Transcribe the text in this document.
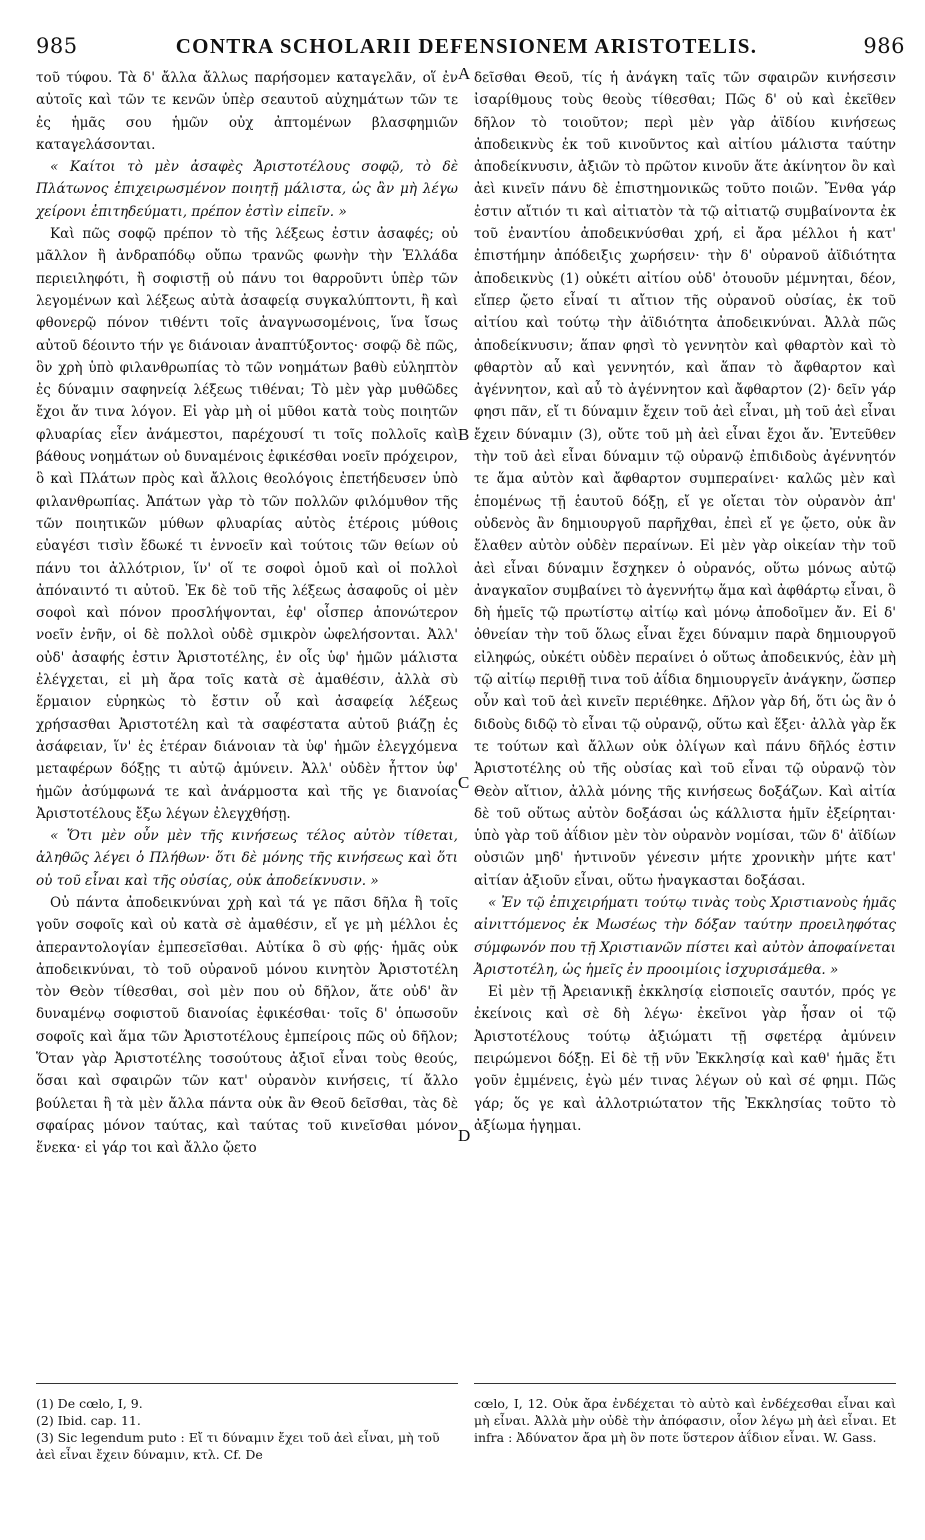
985	CONTRA SCHOLARII DEFENSIONEM ARISTOTELIS.	986

τοῦ τύφου. Τὰ δ' ἄλλα ἄλλως παρήσομεν καταγελᾶν, οἵ ἐν αὐτοῖς καὶ τῶν τε κενῶν ὑπὲρ σεαυτοῦ αὐχημάτων τῶν τε ἐς ἡμᾶς σου ἡμῶν οὐχ ἀπτομένων βλασφημιῶν καταγελάσονται.

« Καίτοι τὸ μὲν ἀσαφὲς Ἀριστοτέλους σοφῷ, τὸ δὲ Πλάτωνος ἐπιχειρωσμένον ποιητῇ μάλιστα, ὡς ἂν μὴ λέγω χείρονι ἐπιτηδεύματι, πρέπον ἐστὶν εἰπεῖν. »

Καὶ πῶς σοφῷ πρέπον τὸ τῆς λέξεως ἐστιν ἀσαφές; οὐ μᾶλλον ἢ ἀνδραπόδῳ οὔπω τρανῶς φωνὴν τὴν Ἑλλάδα περιειληφότι, ἢ σοφιστῇ οὐ πάνυ τοι θαρροῦντι ὑπὲρ τῶν λεγομένων καὶ λέξεως αὐτὰ ἀσαφείᾳ συγκαλύπτοντι, ἢ καὶ φθονερῷ πόνον τιθέντι τοῖς ἀναγνωσομένοις, ἵνα ἴσως αὐτοῦ δέοιντο τήν γε διάνοιαν ἀναπτύξοντος· σοφῷ δὲ πῶς, ὃν χρὴ ὑπὸ φιλανθρωπίας τὸ τῶν νοημάτων βαθὺ εὐληπτὸν ἐς δύναμιν σαφηνείᾳ λέξεως τιθέναι; Τὸ μὲν γὰρ μυθῶδες ἔχοι ἄν τινα λόγον. Εἰ γὰρ μὴ οἱ μῦθοι κατὰ τοὺς ποιητῶν φλυαρίας εἶεν ἀνάμεστοι, παρέχουσί τι τοῖς πολλοῖς καὶ βάθους νοημάτων οὐ δυναμένοις ἐφικέσθαι νοεῖν πρόχειρον, ὃ καὶ Πλάτων πρὸς καὶ ἄλλοις θεολόγοις ἐπετήδευσεν ὑπὸ φιλανθρωπίας. Ἀπάτων γὰρ τὸ τῶν πολλῶν φιλόμυθον τῆς τῶν ποιητικῶν μύθων φλυαρίας αὐτὸς ἑτέροις μύθοις εὐαγέσι τισὶν ἔδωκέ τι ἐννοεῖν καὶ τούτοις τῶν θείων οὐ πάνυ τοι ἀλλότριον, ἵν' οἵ τε σοφοὶ ὁμοῦ καὶ οἱ πολλοὶ ἀπόναιντό τι αὐτοῦ. Ἐκ δὲ τοῦ τῆς λέξεως ἀσαφοῦς οἱ μὲν σοφοὶ καὶ πόνον προσλήψονται, ἐφ' οἷσπερ ἀπονώτερον νοεῖν ἐνῆν, οἱ δὲ πολλοὶ οὐδὲ σμικρὸν ὠφελήσονται. Ἀλλ' οὐδ' ἀσαφής ἐστιν Ἀριστοτέλης, ἐν οἷς ὑφ' ἡμῶν μάλιστα ἐλέγχεται, εἰ μὴ ἄρα τοῖς κατὰ σὲ ἀμαθέσιν, ἀλλὰ σὺ ἕρμαιον εὑρηκὼς τὸ ἔστιν οὗ καὶ ἀσαφείᾳ λέξεως χρήσασθαι Ἀριστοτέλη καὶ τὰ σαφέστατα αὐτοῦ βιάζῃ ἐς ἀσάφειαν, ἵν' ἐς ἑτέραν διάνοιαν τὰ ὑφ' ἡμῶν ἐλεγχόμενα μεταφέρων δόξῃς τι αὐτῷ ἀμύνειν. Ἀλλ' οὐδὲν ἧττον ὑφ' ἡμῶν ἀσύμφωνά τε καὶ ἀνάρμοστα καὶ τῆς γε διανοίας Ἀριστοτέλους ἔξω λέγων ἐλεγχθήσῃ.

« Ὅτι μὲν οὖν μὲν τῆς κινήσεως τέλος αὐτὸν τίθεται, ἀληθῶς λέγει ὁ Πλήθων· ὅτι δὲ μόνης τῆς κινήσεως καὶ ὅτι οὐ τοῦ εἶναι καὶ τῆς οὐσίας, οὐκ ἀποδείκνυσιν. »

Οὐ πάντα ἀποδεικνύναι χρὴ καὶ τά γε πᾶσι δῆλα ἢ τοῖς γοῦν σοφοῖς καὶ οὐ κατὰ σὲ ἀμαθέσιν, εἴ γε μὴ μέλλοι ἐς ἀπεραντολογίαν ἐμπεσεῖσθαι. Αὐτίκα ὃ σὺ φῄς· ἡμᾶς οὐκ ἀποδεικνύναι, τὸ τοῦ οὐρανοῦ μόνου κινητὸν Ἀριστοτέλη τὸν Θεὸν τίθεσθαι, σοὶ μὲν που οὐ δῆλον, ἅτε οὐδ' ἂν δυναμένῳ σοφιστοῦ διανοίας ἐφικέσθαι· τοῖς δ' ὁπωσοῦν σοφοῖς καὶ ἅμα τῶν Ἀριστοτέλους ἐμπείροις πῶς οὐ δῆλον; Ὅταν γὰρ Ἀριστοτέλης τοσούτους ἀξιοῖ εἶναι τοὺς θεούς, ὅσαι καὶ σφαιρῶν τῶν κατ' οὐρανὸν κινήσεις, τί ἄλλο βούλεται ἢ τὰ μὲν ἄλλα πάντα οὐκ ἂν Θεοῦ δεῖσθαι, τὰς δὲ σφαίρας μόνον ταύτας, καὶ ταύτας τοῦ κινεῖσθαι μόνον ἕνεκα· εἰ γάρ τοι καὶ ἄλλο ᾤετο

A
B
C
D

δεῖσθαι Θεοῦ, τίς ἡ ἀνάγκη ταῖς τῶν σφαιρῶν κινήσεσιν ἰσαρίθμους τοὺς θεοὺς τίθεσθαι; Πῶς δ' οὐ καὶ ἐκεῖθεν δῆλον τὸ τοιοῦτον; περὶ μὲν γὰρ ἀϊδίου κινήσεως ἀποδεικνὺς ἐκ τοῦ κινοῦντος καὶ αἰτίου μάλιστα ταύτην ἀποδείκνυσιν, ἀξιῶν τὸ πρῶτον κινοῦν ἅτε ἀκίνητον ὂν καὶ ἀεὶ κινεῖν πάνυ δὲ ἐπιστημονικῶς τοῦτο ποιῶν. Ἔνθα γάρ ἐστιν αἴτιόν τι καὶ αἰτιατὸν τὰ τῷ αἰτιατῷ συμβαίνοντα ἐκ τοῦ ἐναντίου ἀποδεικνύσθαι χρή, εἰ ἄρα μέλλοι ἡ κατ' ἐπιστήμην ἀπόδειξις χωρήσειν· τὴν δ' οὐρανοῦ ἀϊδιότητα ἀποδεικνὺς (1) οὐκέτι αἰτίου οὐδ' ὁτουοῦν μέμνηται, δέον, εἴπερ ᾤετο εἶναί τι αἴτιον τῆς οὐρανοῦ οὐσίας, ἐκ τοῦ αἰτίου καὶ τούτῳ τὴν ἀϊδιότητα ἀποδεικνύναι. Ἀλλὰ πῶς ἀποδείκνυσιν; ἅπαν φησὶ τὸ γεννητὸν καὶ φθαρτὸν καὶ τὸ φθαρτὸν αὖ καὶ γεννητόν, καὶ ἅπαν τὸ ἄφθαρτον καὶ ἀγέννητον, καὶ αὖ τὸ ἀγέννητον καὶ ἄφθαρτον (2)· δεῖν γάρ φησι πᾶν, εἴ τι δύναμιν ἔχειν τοῦ ἀεὶ εἶναι, μὴ τοῦ ἀεὶ εἶναι ἔχειν δύναμιν (3), οὔτε τοῦ μὴ ἀεὶ εἶναι ἔχοι ἄν. Ἐντεῦθεν τὴν τοῦ ἀεὶ εἶναι δύναμιν τῷ οὐρανῷ ἐπιδιδοὺς ἀγέννητόν τε ἅμα αὐτὸν καὶ ἄφθαρτον συμπεραίνει· καλῶς μὲν καὶ ἑπομένως τῇ ἑαυτοῦ δόξῃ, εἴ γε οἴεται τὸν οὐρανὸν ἀπ' οὐδενὸς ἂν δημιουργοῦ παρῆχθαι, ἐπεὶ εἴ γε ᾤετο, οὐκ ἂν ἔλαθεν αὐτὸν οὐδὲν περαίνων. Εἰ μὲν γὰρ οἰκείαν τὴν τοῦ ἀεὶ εἶναι δύναμιν ἔσχηκεν ὁ οὐρανός, οὕτω μόνως αὐτῷ ἀναγκαῖον συμβαίνει τὸ ἀγεννήτῳ ἅμα καὶ ἀφθάρτῳ εἶναι, ὃ δὴ ἡμεῖς τῷ πρωτίστῳ αἰτίῳ καὶ μόνῳ ἀποδοῖμεν ἄν. Εἰ δ' ὀθνείαν τὴν τοῦ ὅλως εἶναι ἔχει δύναμιν παρὰ δημιουργοῦ εἰληφώς, οὐκέτι οὐδὲν περαίνει ὁ οὕτως ἀποδεικνύς, ἐὰν μὴ τῷ αἰτίῳ περιθῇ τινα τοῦ ἀΐδια δημιουργεῖν ἀνάγκην, ὥσπερ οὖν καὶ τοῦ ἀεὶ κινεῖν περιέθηκε. Δῆλον γὰρ δή, ὅτι ὡς ἂν ὁ διδοὺς διδῷ τὸ εἶναι τῷ οὐρανῷ, οὕτω καὶ ἕξει· ἀλλὰ γὰρ ἔκ τε τούτων καὶ ἄλλων οὐκ ὀλίγων καὶ πάνυ δῆλός ἐστιν Ἀριστοτέλης οὐ τῆς οὐσίας καὶ τοῦ εἶναι τῷ οὐρανῷ τὸν Θεὸν αἴτιον, ἀλλὰ μόνης τῆς κινήσεως δοξάζων. Καὶ αἰτία δὲ τοῦ οὕτως αὐτὸν δοξάσαι ὡς κάλλιστα ἡμῖν ἐξείρηται· ὑπὸ γὰρ τοῦ ἀΐδιον μὲν τὸν οὐρανὸν νομίσαι, τῶν δ' ἀϊδίων οὐσιῶν μηδ' ἡντινοῦν γένεσιν μήτε χρονικὴν μήτε κατ' αἰτίαν ἀξιοῦν εἶναι, οὕτω ἠναγκασται δοξάσαι.

« Ἐν τῷ ἐπιχειρήματι τούτῳ τινὰς τοὺς Χριστιανοὺς ἡμᾶς αἰνιττόμενος ἐκ Μωσέως τὴν δόξαν ταύτην προειληφότας σύμφωνόν που τῇ Χριστιανῶν πίστει καὶ αὐτὸν ἀποφαίνεται Ἀριστοτέλη, ὡς ἡμεῖς ἐν προοιμίοις ἰσχυρισάμεθα. »

Εἰ μὲν τῇ Ἀρειανικῇ ἐκκλησίᾳ εἰσποιεῖς σαυτόν, πρός γε ἐκείνοις καὶ σὲ δὴ λέγω· ἐκεῖνοι γὰρ ἦσαν οἱ τῷ Ἀριστοτέλους τούτῳ ἀξιώματι τῇ σφετέρᾳ ἀμύνειν πειρώμενοι δόξῃ. Εἰ δὲ τῇ νῦν Ἐκκλησίᾳ καὶ καθ' ἡμᾶς ἔτι γοῦν ἐμμένεις, ἐγὼ μέν τινας λέγων οὐ καὶ σέ φημι. Πῶς γάρ; ὅς γε καὶ ἀλλοτριώτατον τῆς Ἐκκλησίας τοῦτο τὸ ἀξίωμα ἡγημαι.

(1) De cœlo, I, 9.
(2) Ibid. cap. 11.
(3) Sic legendum puto : Εἴ τι δύναμιν ἔχει τοῦ ἀεὶ εἶναι, μὴ τοῦ ἀεὶ εἶναι ἔχειν δύναμιν, κτλ. Cf. De
cœlo, I, 12. Οὐκ ἄρα ἐνδέχεται τὸ αὐτὸ καὶ ἐνδέχεσθαι εἶναι καὶ μὴ εἶναι. Ἀλλὰ μὴν οὐδὲ τὴν ἀπόφασιν, οἷον λέγω μὴ ἀεὶ εἶναι. Et infra : Ἀδύνατον ἄρα μὴ ὂν ποτε ὕστερον ἀΐδιον εἶναι. W. Gass.
